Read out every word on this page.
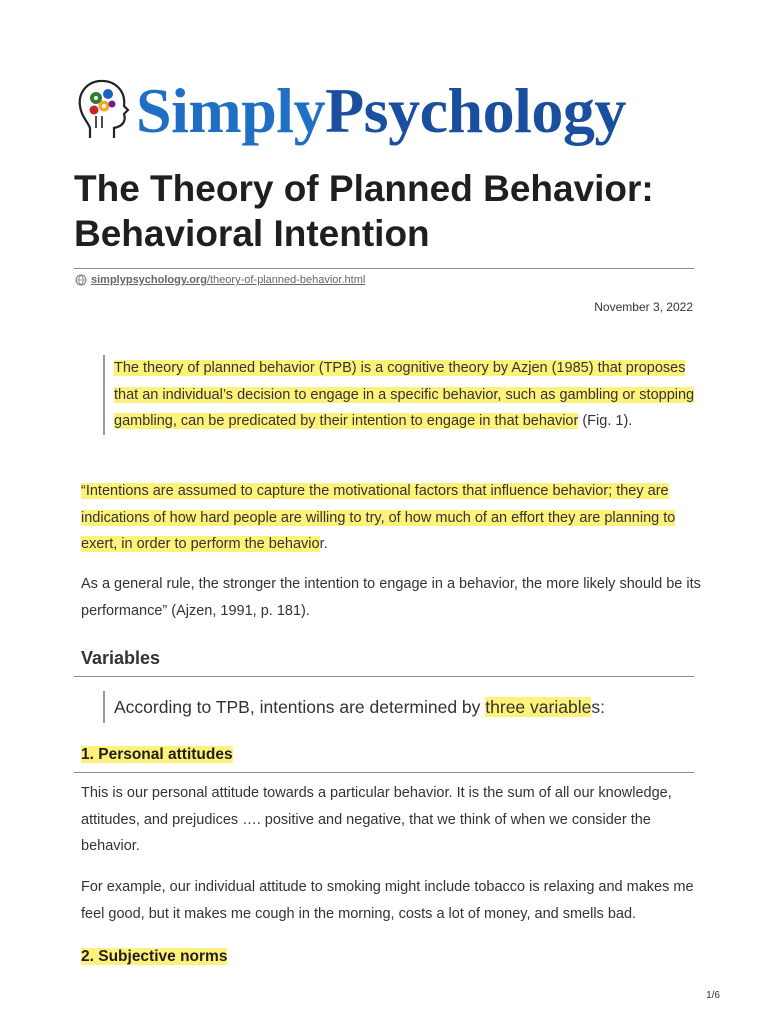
SimplyPsychology
The Theory of Planned Behavior:
Behavioral Intention
simplypsychology.org /theory-of-planned-behavior.html
November 3, 2022
The theory of planned behavior (TPB) is a cognitive theory by Azjen (1985) that proposes that an individual’s decision to engage in a specific behavior, such as gambling or stopping gambling, can be predicated by their intention to engage in that behavior (Fig. 1).

“Intentions are assumed to capture the motivational factors that influence behavior; they are indications of how hard people are willing to try, of how much of an effort they are planning to exert, in order to perform the behavior.

As a general rule, the stronger the intention to engage in a behavior, the more likely should be its performance” (Ajzen, 1991, p. 181).

Variables
According to TPB, intentions are determined by three variables:
1. Personal attitudes

This is our personal attitude towards a particular behavior. It is the sum of all our knowledge, attitudes, and prejudices …. positive and negative, that we think of when we consider the behavior.

For example, our individual attitude to smoking might include tobacco is relaxing and makes me feel good, but it makes me cough in the morning, costs a lot of money, and smells bad.

2. Subjective norms
1/6
